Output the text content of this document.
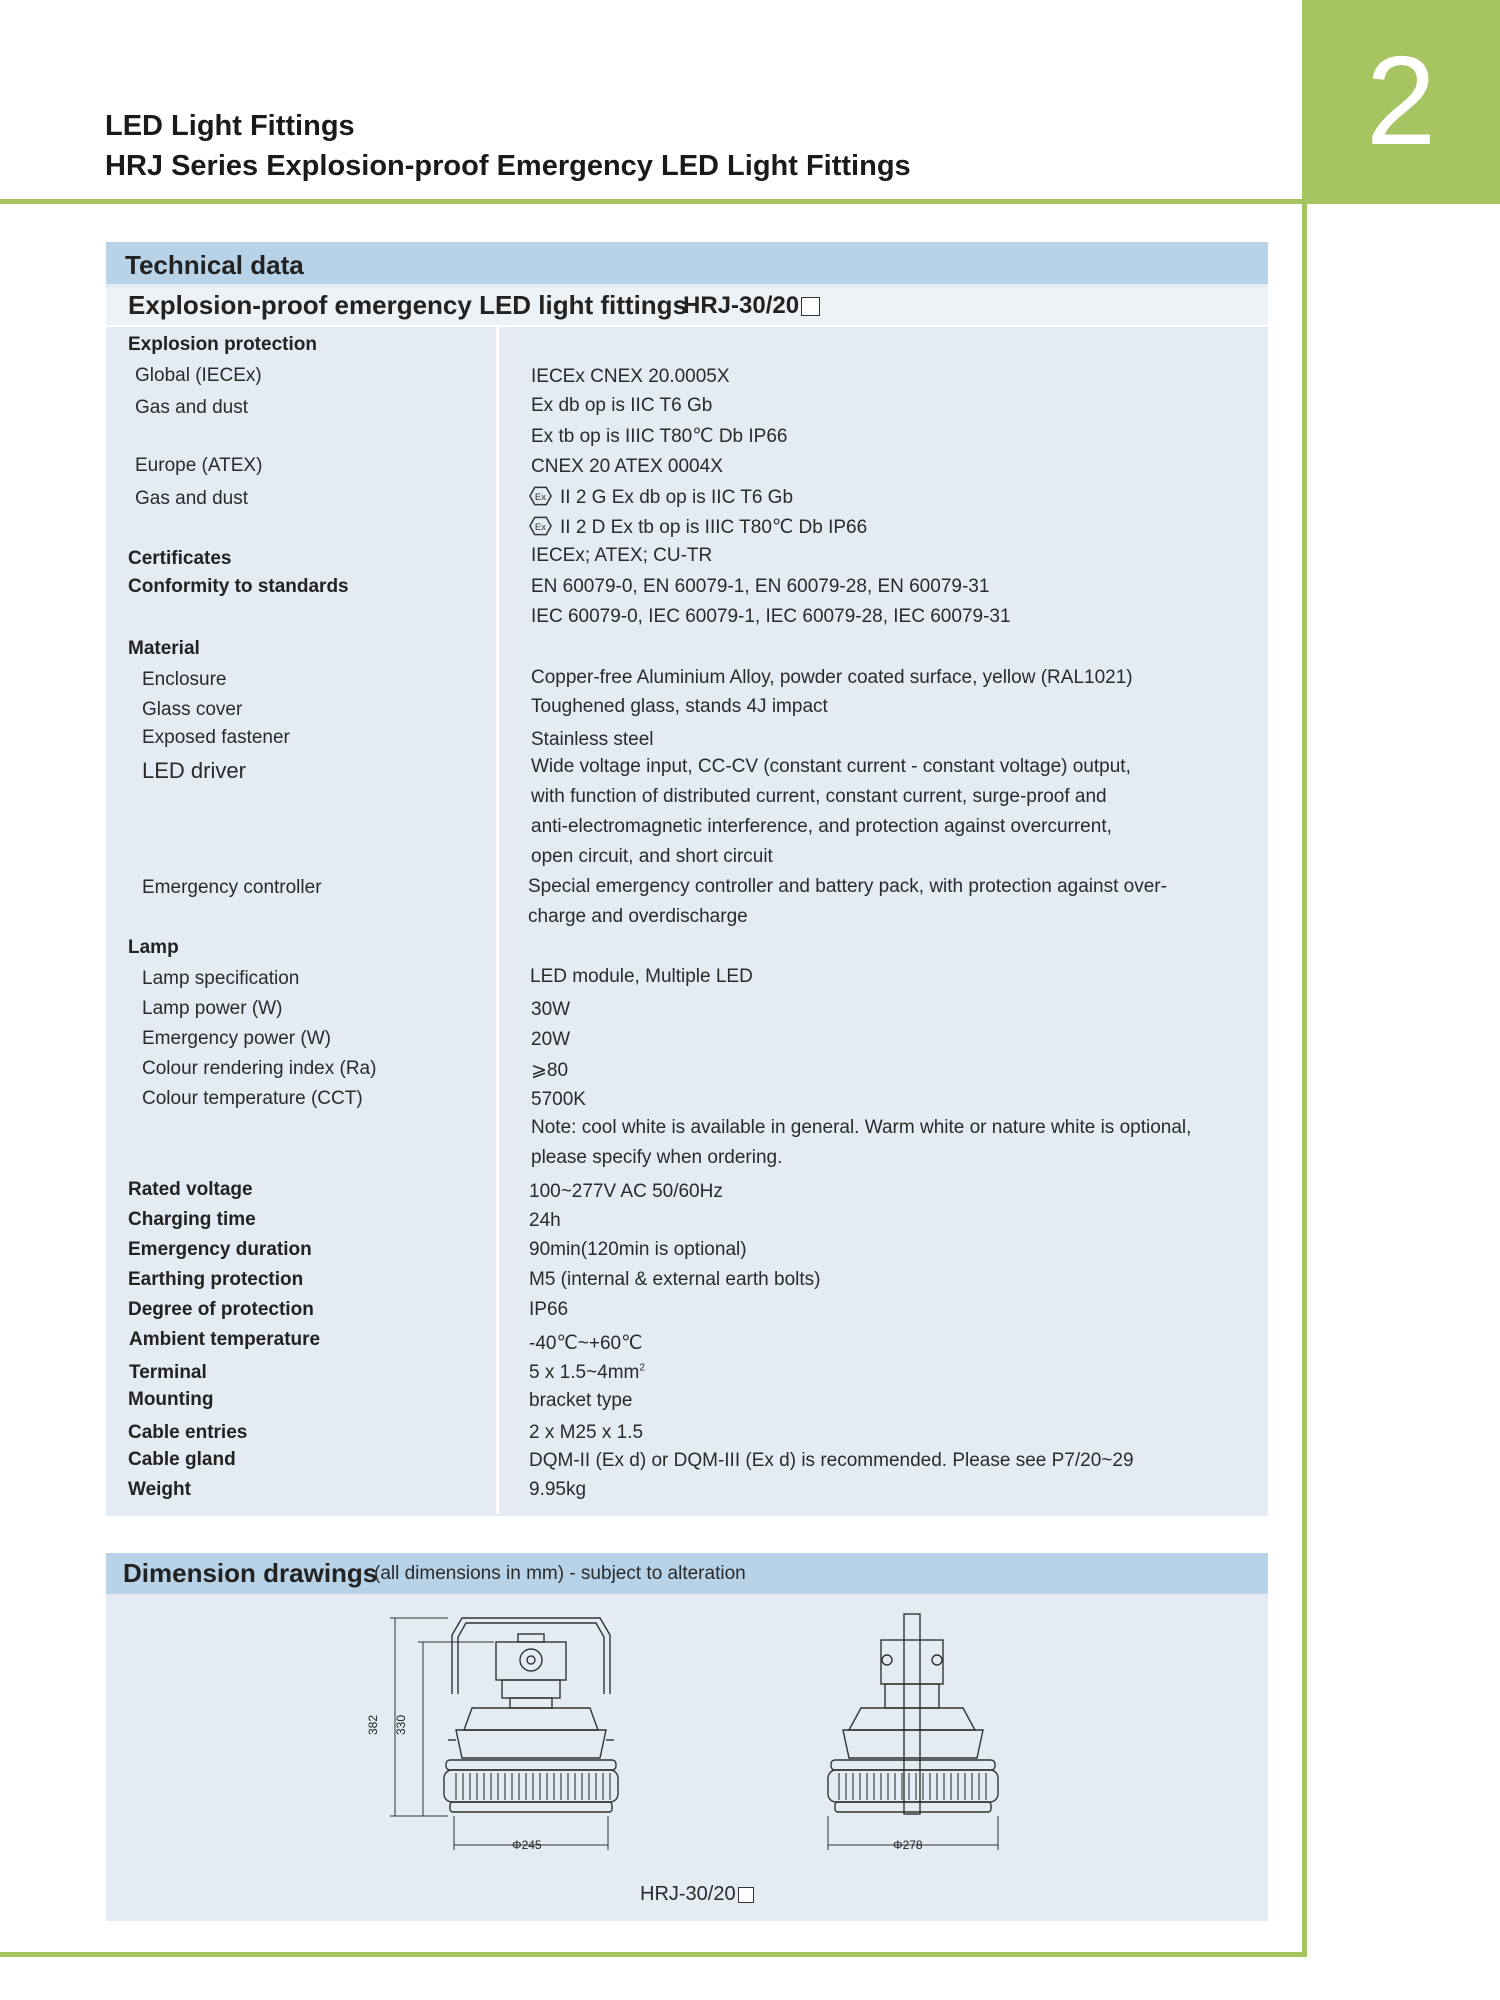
2
LED Light Fittings
HRJ Series Explosion-proof Emergency LED Light Fittings
Technical data
Explosion-proof emergency LED light fittings
HRJ-30/20
Explosion protection
Global (IECEx)
Gas and dust
Europe (ATEX)
Gas and dust
Certificates
Conformity to standards
Material
Enclosure
Glass cover
Exposed fastener
LED driver
Emergency controller
Lamp
Lamp specification
Lamp power (W)
Emergency power (W)
Colour rendering index (Ra)
Colour temperature (CCT)
Rated voltage
Charging time
Emergency duration
Earthing protection
Degree of protection
Ambient temperature
Terminal
Mounting
Cable entries
Cable gland
Weight
IECEx CNEX 20.0005X
Ex db op is IIC T6 Gb
Ex tb op is IIIC T80℃ Db IP66
CNEX 20 ATEX 0004X
Ex II 2 G Ex db op is IIC T6 Gb
Ex II 2 D Ex tb op is IIIC T80℃ Db IP66
IECEx; ATEX; CU-TR
EN 60079-0, EN 60079-1, EN 60079-28, EN 60079-31
IEC 60079-0, IEC 60079-1, IEC 60079-28, IEC 60079-31
Copper-free Aluminium Alloy, powder coated surface, yellow (RAL1021)
Toughened glass, stands 4J impact
Stainless steel
Wide voltage input, CC-CV (constant current - constant voltage) output,
with function of distributed current, constant current, surge-proof and
anti-electromagnetic interference, and protection against overcurrent,
open circuit, and short circuit
Special emergency controller and battery pack, with protection against over-
charge and overdischarge
LED module, Multiple LED
30W
20W
⩾80
5700K
Note: cool white is available in general. Warm white or nature white is optional,
please specify when ordering.
100~277V AC 50/60Hz
24h
90min(120min is optional)
M5 (internal & external earth bolts)
IP66
-40℃~+60℃
5 x $1.5\sim 4mm^2$
bracket type
2 x M25 x 1.5
DQM-II (Ex d) or DQM-III (Ex d) is recommended. Please see P7/20~29
9.95kg
Dimension drawings
(all dimensions in mm) - subject to alteration
382 330
Φ245	Φ278
HRJ-30/20
